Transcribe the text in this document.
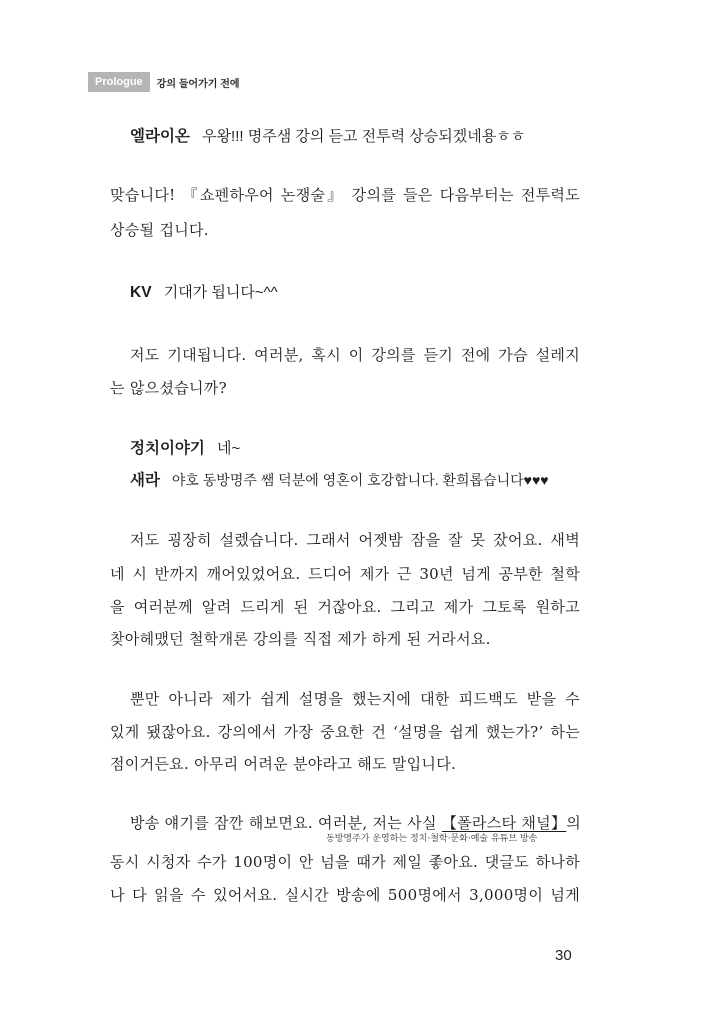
Prologue	강의 들어가기 전에
엘라이온 우왕!!! 명주샘 강의 듣고 전투력 상승되겠네용ㅎㅎ
맞습니다! 『쇼펜하우어 논쟁술』 강의를 들은 다음부터는 전투력도
상승될 겁니다.
KV 기대가 됩니다~^^
저도 기대됩니다. 여러분, 혹시 이 강의를 듣기 전에 가슴 설레지
는 않으셨습니까?
정치이야기 네~
새라 야호 동방명주 쌤 덕분에 영혼이 호강합니다. 환희롭습니다♥♥♥
저도 굉장히 설렜습니다. 그래서 어젯밤 잠을 잘 못 잤어요. 새벽
네 시 반까지 깨어있었어요. 드디어 제가 근 30년 넘게 공부한 철학
을 여러분께 알려 드리게 된 거잖아요. 그리고 제가 그토록 원하고
찾아헤맸던 철학개론 강의를 직접 제가 하게 된 거라서요.
뿐만 아니라 제가 쉽게 설명을 했는지에 대한 피드백도 받을 수
있게 됐잖아요. 강의에서 가장 중요한 건 ‘설명을 쉽게 했는가?’ 하는
점이거든요. 아무리 어려운 분야라고 해도 말입니다.
방송 얘기를 잠깐 해보면요. 여러분, 저는 사실 【폴라스타 채널】의
동방명주가 운영하는 정치·철학·문화·예술 유튜브 방송
동시 시청자 수가 100명이 안 넘을 때가 제일 좋아요. 댓글도 하나하
나 다 읽을 수 있어서요. 실시간 방송에 500명에서 3,000명이 넘게
30
